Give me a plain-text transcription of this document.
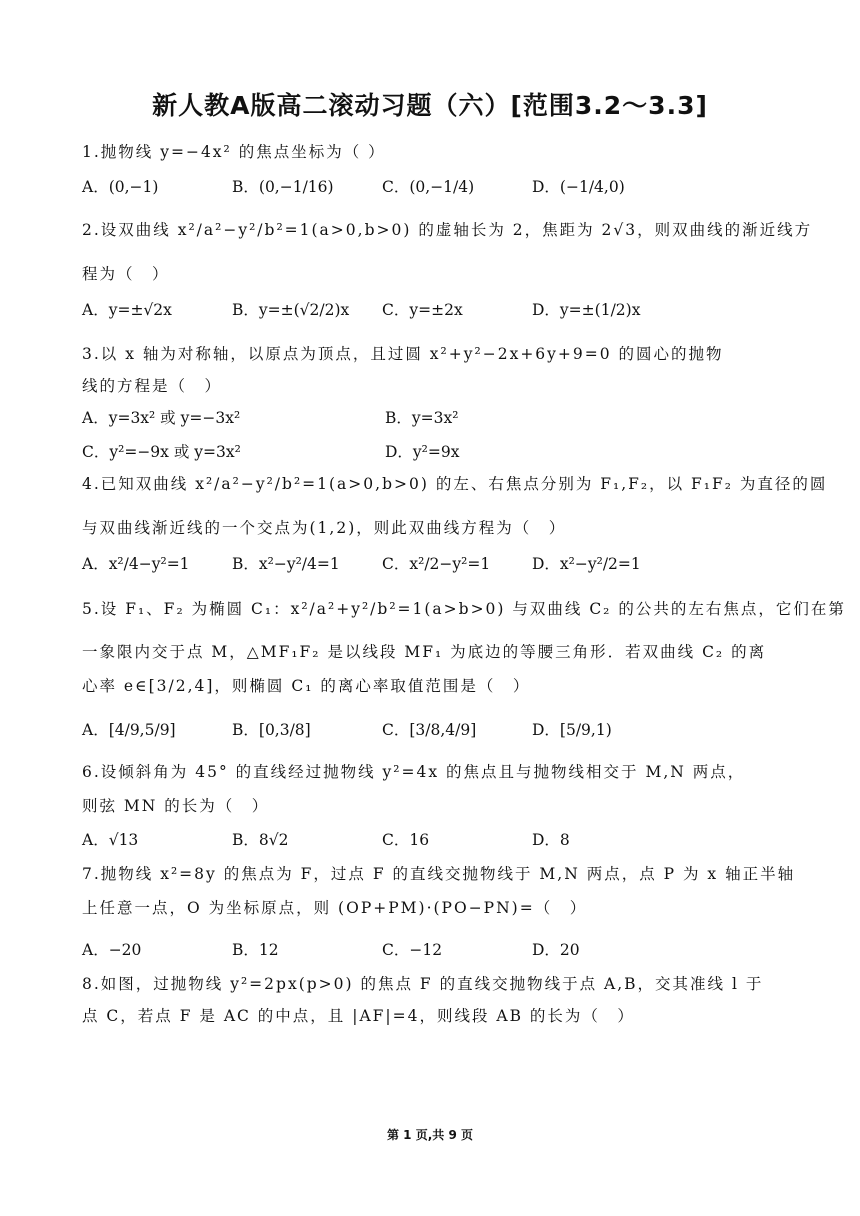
新人教A版高二滚动习题（六）[范围3.2～3.3]
1.抛物线 y=−4x² 的焦点坐标为（ ）
A．(0,−1)	B．(0,−1/16)	C．(0,−1/4)	D．(−1/4,0)
2.设双曲线 x²/a²−y²/b²=1(a>0,b>0) 的虚轴长为 2，焦距为 2√3，则双曲线的渐近线方
程为（　）
A．y=±√2x	B．y=±(√2/2)x C．y=±2x	D．y=±(1/2)x
3.以 x 轴为对称轴，以原点为顶点，且过圆 x²+y²−2x+6y+9=0 的圆心的抛物
线的方程是（　）
A．y=3x² 或 y=−3x²	B．y=3x²
C．y²=−9x 或 y=3x²	D．y²=9x
4.已知双曲线 x²/a²−y²/b²=1(a>0,b>0) 的左、右焦点分别为 F₁,F₂，以 F₁F₂ 为直径的圆
与双曲线渐近线的一个交点为(1,2)，则此双曲线方程为（　）
A．x²/4−y²=1	B．x²−y²/4=1	C．x²/2−y²=1	D．x²−y²/2=1
5.设 F₁、F₂ 为椭圆 C₁：x²/a²+y²/b²=1(a>b>0) 与双曲线 C₂ 的公共的左右焦点，它们在第
一象限内交于点 M，△MF₁F₂ 是以线段 MF₁ 为底边的等腰三角形．若双曲线 C₂ 的离
心率 e∈[3/2,4]，则椭圆 C₁ 的离心率取值范围是（　）
A．[4/9,5/9]	B．[0,3/8]	C．[3/8,4/9]	D．[5/9,1)
6.设倾斜角为 45° 的直线经过抛物线 y²=4x 的焦点且与抛物线相交于 M,N 两点，
则弦 MN 的长为（　）
A．√13	B．8√2	C．16	D．8
7.抛物线 x²=8y 的焦点为 F，过点 F 的直线交抛物线于 M,N 两点，点 P 为 x 轴正半轴
上任意一点，O 为坐标原点，则 (OP+PM)·(PO−PN)=（　）
A．−20	B．12	C．−12	D．20
8.如图，过抛物线 y²=2px(p>0) 的焦点 F 的直线交抛物线于点 A,B，交其准线 l 于
点 C，若点 F 是 AC 的中点，且 |AF|=4，则线段 AB 的长为（　）
第 1 页,共 9 页
